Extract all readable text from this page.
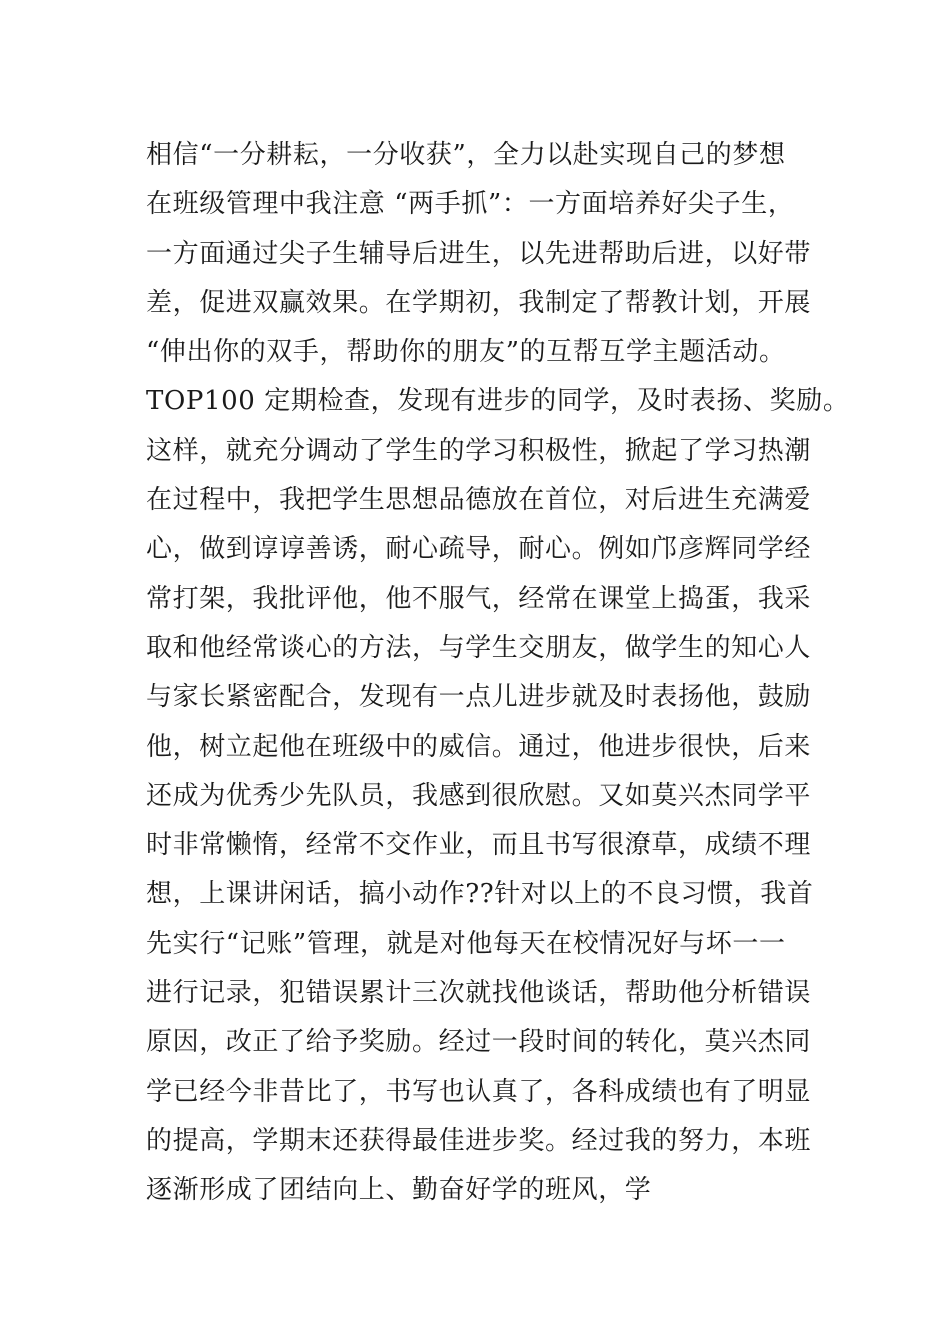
相信“一分耕耘，一分收获”，全力以赴实现自己的梦想
在班级管理中我注意 “两手抓”：一方面培养好尖子生，
一方面通过尖子生辅导后进生，以先进帮助后进，以好带
差，促进双赢效果。在学期初，我制定了帮教计划，开展
“伸出你的双手，帮助你的朋友”的互帮互学主题活动。
TOP100 定期检查，发现有进步的同学，及时表扬、奖励。
这样，就充分调动了学生的学习积极性，掀起了学习热潮
在过程中，我把学生思想品德放在首位，对后进生充满爱
心，做到谆谆善诱，耐心疏导，耐心。例如邝彦辉同学经
常打架，我批评他，他不服气，经常在课堂上捣蛋，我采
取和他经常谈心的方法，与学生交朋友，做学生的知心人
与家长紧密配合，发现有一点儿进步就及时表扬他，鼓励
他，树立起他在班级中的威信。通过，他进步很快，后来
还成为优秀少先队员，我感到很欣慰。又如莫兴杰同学平
时非常懒惰，经常不交作业，而且书写很潦草，成绩不理
想，上课讲闲话，搞小动作??针对以上的不良习惯，我首
先实行“记账”管理，就是对他每天在校情况好与坏一一
进行记录，犯错误累计三次就找他谈话，帮助他分析错误
原因，改正了给予奖励。经过一段时间的转化，莫兴杰同
学已经今非昔比了，书写也认真了，各科成绩也有了明显
的提高，学期末还获得最佳进步奖。经过我的努力，本班
逐渐形成了团结向上、勤奋好学的班风，学
